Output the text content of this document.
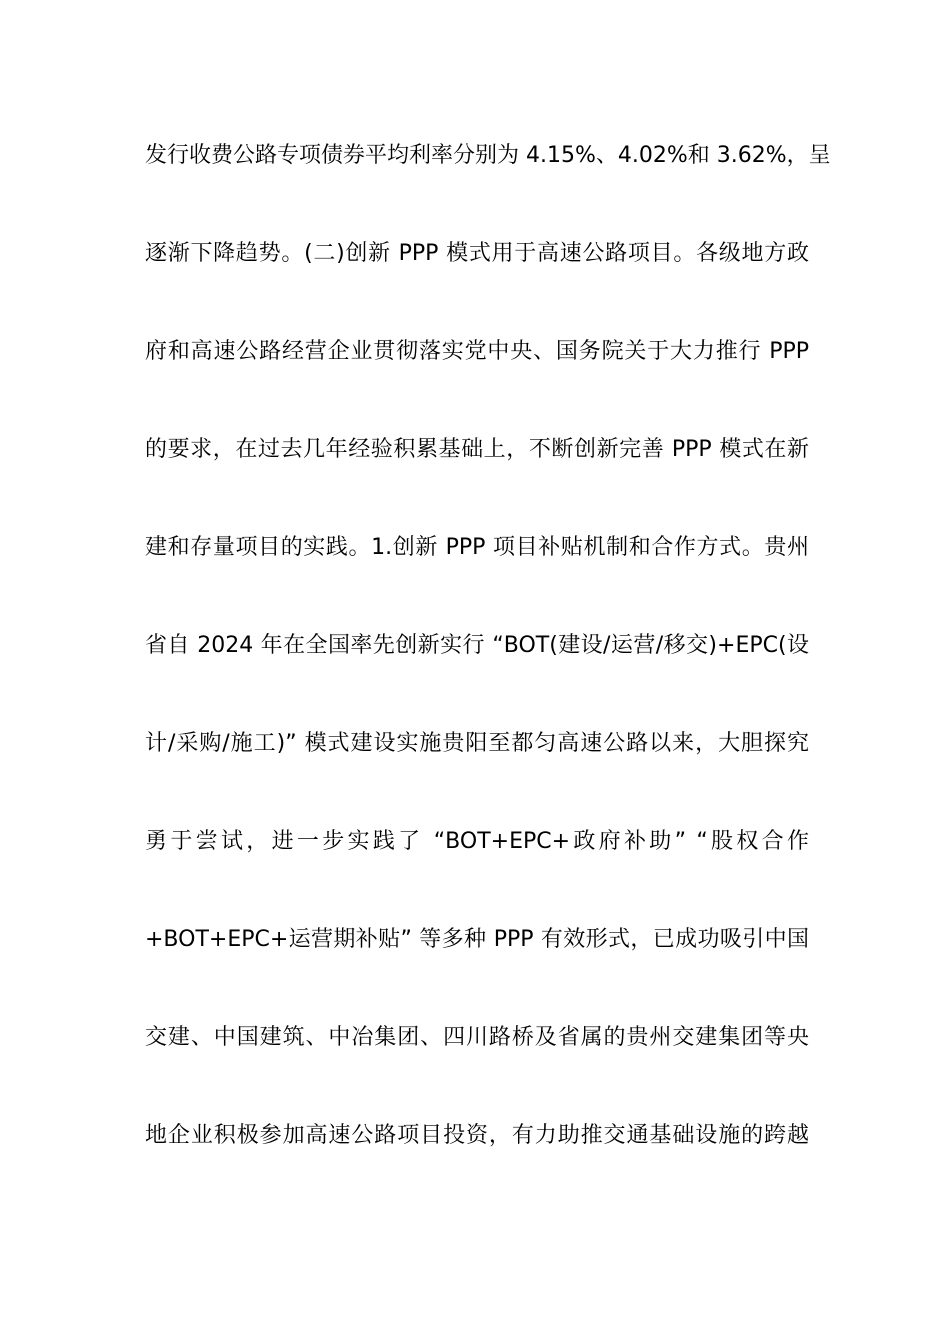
发行收费公路专项债券平均利率分别为 4.15%、4.02%和 3.62%，呈
逐渐下降趋势。(二)创新 PPP 模式用于高速公路项目。各级地方政
府和高速公路经营企业贯彻落实党中央、国务院关于大力推行 PPP
的要求，在过去几年经验积累基础上，不断创新完善 PPP 模式在新
建和存量项目的实践。1.创新 PPP 项目补贴机制和合作方式。贵州
省自 2024 年在全国率先创新实行 “BOT(建设/运营/移交)+EPC(设
计/采购/施工)” 模式建设实施贵阳至都匀高速公路以来，大胆探究
勇于尝试，进一步实践了 “BOT+EPC+政府补助” “股权合作
+BOT+EPC+运营期补贴” 等多种 PPP 有效形式，已成功吸引中国
交建、中国建筑、中冶集团、四川路桥及省属的贵州交建集团等央
地企业积极参加高速公路项目投资，有力助推交通基础设施的跨越
